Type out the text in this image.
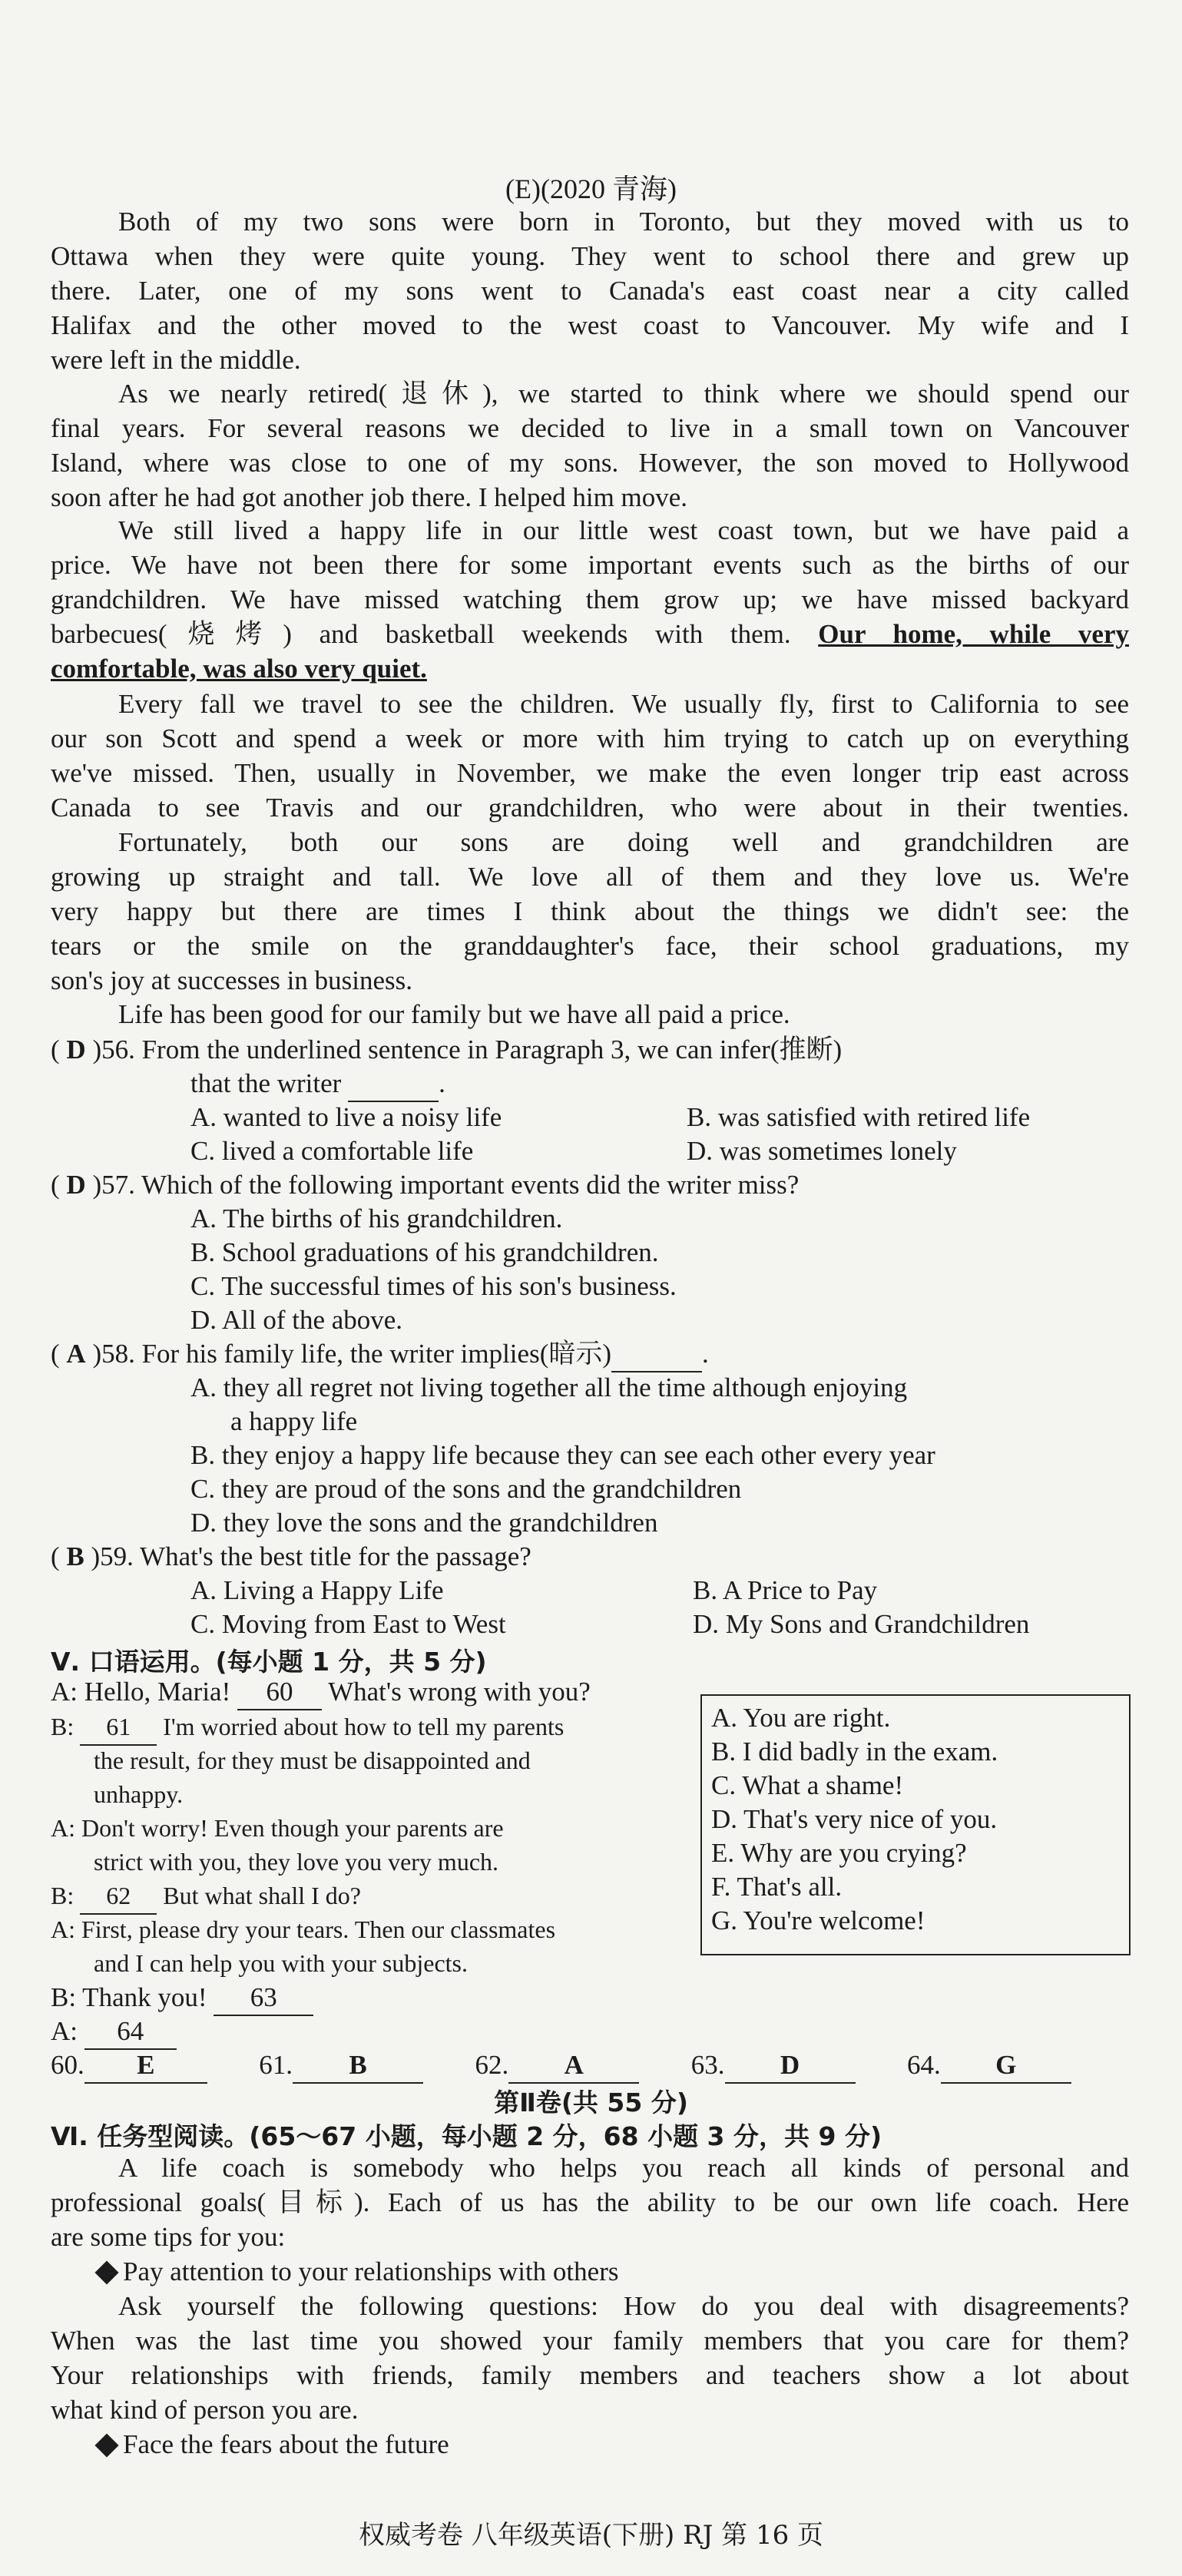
(E)(2020 青海)
Both of my two sons were born in Toronto, but they moved with us to
Ottawa when they were quite young. They went to school there and grew up
there. Later, one of my sons went to Canada's east coast near a city called
Halifax and the other moved to the west coast to Vancouver. My wife and I
were left in the middle.
As we nearly retired(退休), we started to think where we should spend our
final years. For several reasons we decided to live in a small town on Vancouver
Island, where was close to one of my sons. However, the son moved to Hollywood
soon after he had got another job there. I helped him move.
We still lived a happy life in our little west coast town, but we have paid a
price. We have not been there for some important events such as the births of our
grandchildren. We have missed watching them grow up; we have missed backyard
barbecues(烧烤) and basketball weekends with them. Our home, while very
comfortable, was also very quiet.
Every fall we travel to see the children. We usually fly, first to California to see
our son Scott and spend a week or more with him trying to catch up on everything
we've missed. Then, usually in November, we make the even longer trip east across
Canada to see Travis and our grandchildren, who were about in their twenties.
Fortunately, both our sons are doing well and grandchildren are
growing up straight and tall. We love all of them and they love us. We're
very happy but there are times I think about the things we didn't see: the
tears or the smile on the granddaughter's face, their school graduations, my
son's joy at successes in business.
Life has been good for our family but we have all paid a price.
( D )56. From the underlined sentence in Paragraph 3, we can infer(推断)
that the writer	.
A. wanted to live a noisy life	B. was satisfied with retired life
C. lived a comfortable life	D. was sometimes lonely
( D )57. Which of the following important events did the writer miss?
A. The births of his grandchildren.
B. School graduations of his grandchildren.
C. The successful times of his son's business.
D. All of the above.
( A )58. For his family life, the writer implies(暗示)	.
A. they all regret not living together all the time although enjoying
a happy life
B. they enjoy a happy life because they can see each other every year
C. they are proud of the sons and the grandchildren
D. they love the sons and the grandchildren
( B )59. What's the best title for the passage?
A. Living a Happy Life	B. A Price to Pay
C. Moving from East to West	D. My Sons and Grandchildren
Ⅴ. 口语运用。(每小题 1 分，共 5 分)
A: Hello, Maria! 60 What's wrong with you?
B: 61 I'm worried about how to tell my parents
the result, for they must be disappointed and
unhappy.
A: Don't worry! Even though your parents are
strict with you, they love you very much.
B: 62 But what shall I do?
A: First, please dry your tears. Then our classmates
and I can help you with your subjects.
B: Thank you! 63
A: 64
A. You are right.
B. I did badly in the exam.
C. What a shame!
D. That's very nice of you.
E. Why are you crying?
F. That's all.
G. You're welcome!
60. E	61. B	62. A	63. D	64. G
第Ⅱ卷(共 55 分)
Ⅵ. 任务型阅读。(65～67 小题，每小题 2 分，68 小题 3 分，共 9 分)
A life coach is somebody who helps you reach all kinds of personal and
professional goals(目标). Each of us has the ability to be our own life coach. Here
are some tips for you:
Pay attention to your relationships with others
Ask yourself the following questions: How do you deal with disagreements?
When was the last time you showed your family members that you care for them?
Your relationships with friends, family members and teachers show a lot about
what kind of person you are.
Face the fears about the future
权威考卷 八年级英语(下册) RJ 第 16 页
